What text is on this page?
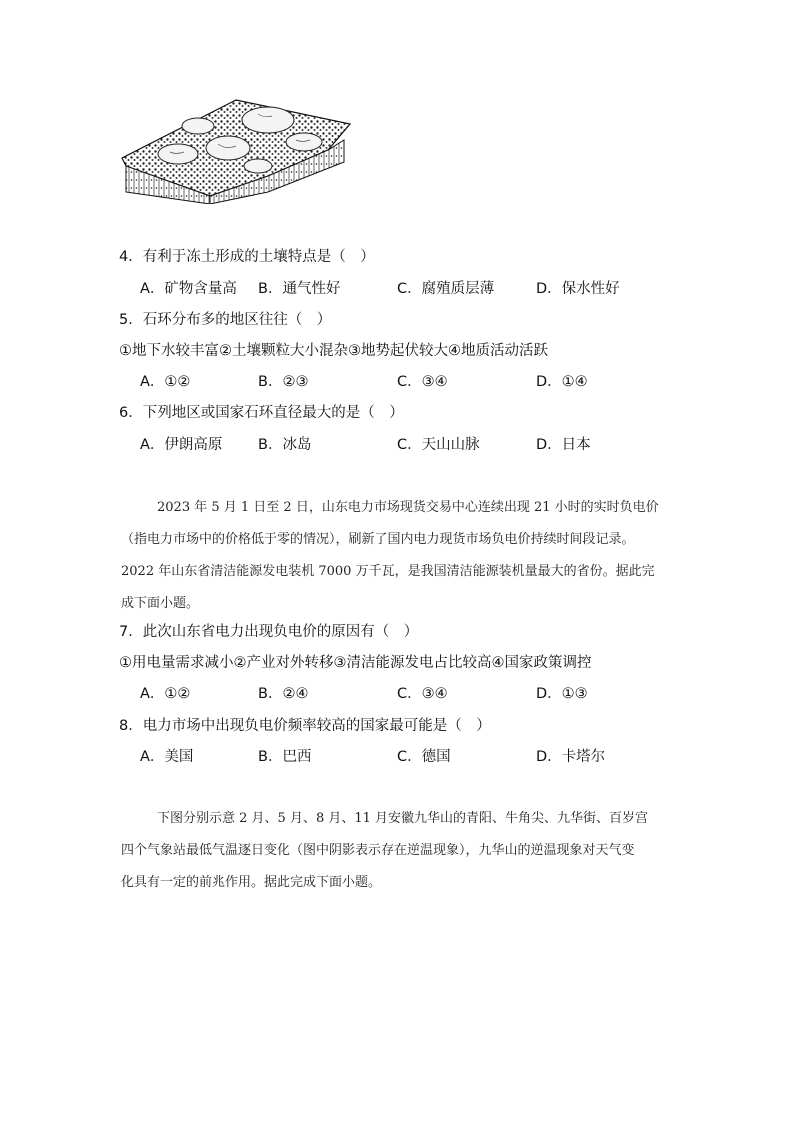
4．有利于冻土形成的土壤特点是（　）
A．矿物含量高 B．通气性好	C．腐殖质层薄	D．保水性好
5．石环分布多的地区往往（　）
①地下水较丰富②土壤颗粒大小混杂③地势起伏较大④地质活动活跃
A．①②	B．②③	C．③④	D．①④
6．下列地区或国家石环直径最大的是（　）
A．伊朗高原 B．冰岛	C．天山山脉	D．日本
2023 年 5 月 1 日至 2 日，山东电力市场现货交易中心连续出现 21 小时的实时负电价
（指电力市场中的价格低于零的情况），刷新了国内电力现货市场负电价持续时间段记录。
2022 年山东省清洁能源发电装机 7000 万千瓦，是我国清洁能源装机量最大的省份。据此完
成下面小题。
7．此次山东省电力出现负电价的原因有（　）
①用电量需求减小②产业对外转移③清洁能源发电占比较高④国家政策调控
A．①②	B．②④	C．③④	D．①③
8．电力市场中出现负电价频率较高的国家最可能是（　）
A．美国	B．巴西	C．德国	D．卡塔尔
下图分别示意 2 月、5 月、8 月、11 月安徽九华山的青阳、牛角尖、九华街、百岁宫
四个气象站最低气温逐日变化（图中阴影表示存在逆温现象），九华山的逆温现象对天气变
化具有一定的前兆作用。据此完成下面小题。
